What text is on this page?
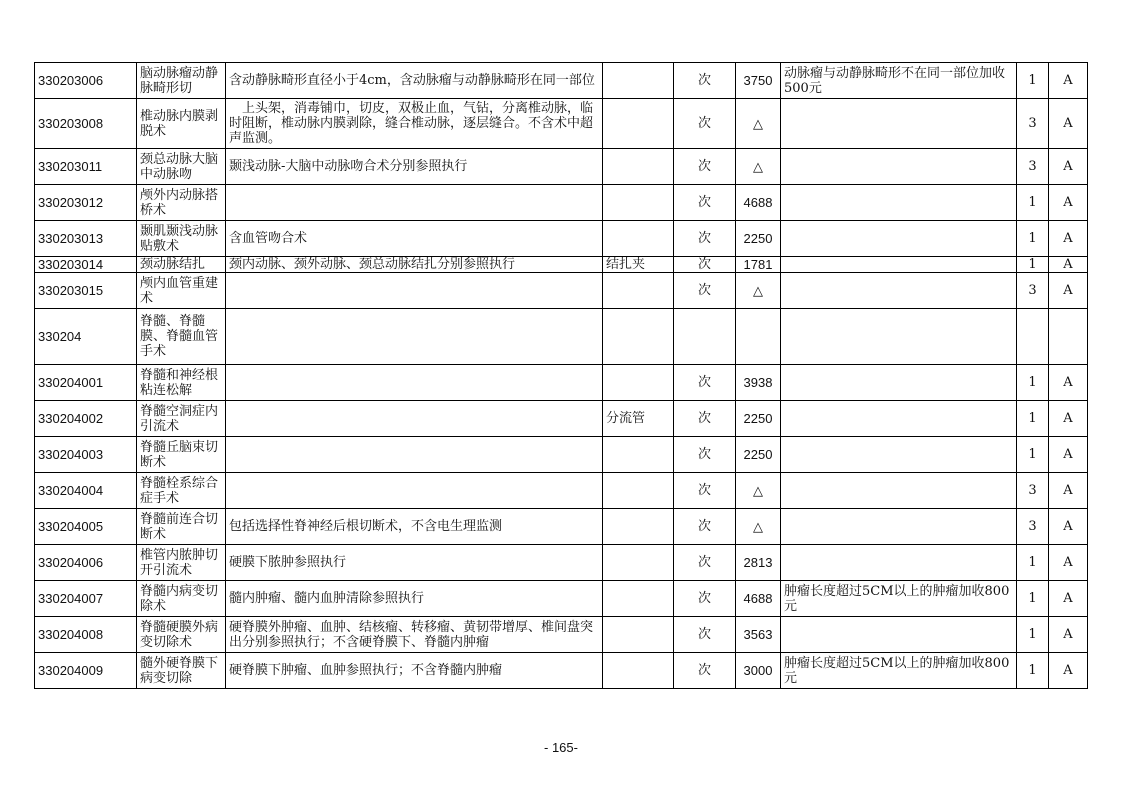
330203006	脑动脉瘤动静脉畸形切	含动静脉畸形直径小于4cm，含动脉瘤与动静脉畸形在同一部位		次	3750	动脉瘤与动静脉畸形不在同一部位加收500元	1	A
330203008	椎动脉内膜剥脱术	上头架，消毒铺巾，切皮，双极止血，气钻，分离椎动脉，临时阻断，椎动脉内膜剥除，缝合椎动脉，逐层缝合。不含术中超声监测。		次	△		3	A
330203011	颈总动脉大脑中动脉吻	颞浅动脉-大脑中动脉吻合术分别参照执行		次	△		3	A
330203012	颅外内动脉搭桥术			次	4688		1	A
330203013	颞肌颞浅动脉贴敷术	含血管吻合术		次	2250		1	A
330203014	颈动脉结扎	颈内动脉、颈外动脉、颈总动脉结扎分别参照执行	结扎夹	次	1781		1	A
330203015	颅内血管重建术			次	△		3	A
330204	脊髓、脊髓膜、脊髓血管手术							
330204001	脊髓和神经根粘连松解			次	3938		1	A
330204002	脊髓空洞症内引流术		分流管	次	2250		1	A
330204003	脊髓丘脑束切断术			次	2250		1	A
330204004	脊髓栓系综合症手术			次	△		3	A
330204005	脊髓前连合切断术	包括选择性脊神经后根切断术，不含电生理监测		次	△		3	A
330204006	椎管内脓肿切开引流术	硬膜下脓肿参照执行		次	2813		1	A
330204007	脊髓内病变切除术	髓内肿瘤、髓内血肿清除参照执行		次	4688	肿瘤长度超过5CM以上的肿瘤加收800元	1	A
330204008	脊髓硬膜外病变切除术	硬脊膜外肿瘤、血肿、结核瘤、转移瘤、黄韧带增厚、椎间盘突出分别参照执行；不含硬脊膜下、脊髓内肿瘤		次	3563		1	A
330204009	髓外硬脊膜下病变切除	硬脊膜下肿瘤、血肿参照执行；不含脊髓内肿瘤		次	3000	肿瘤长度超过5CM以上的肿瘤加收800元	1	A
- 165-
